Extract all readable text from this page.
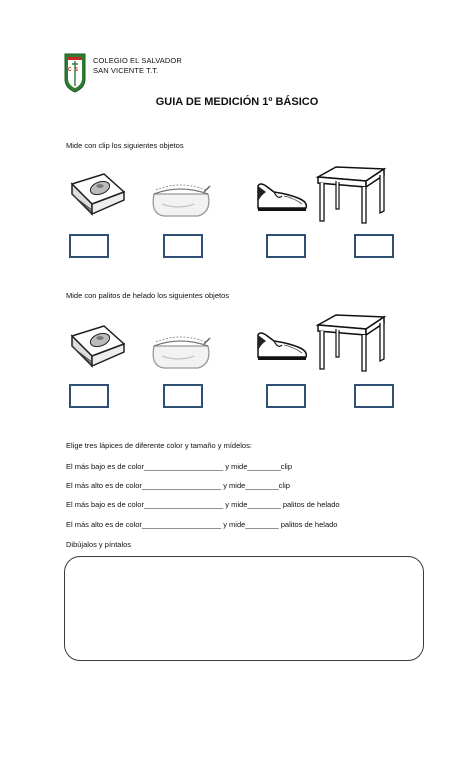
CS
COLEGIO EL SALVADOR
SAN VICENTE T.T.
GUIA DE MEDICIÓN 1º BÁSICO
Mide con clip los siguientes objetos
Mide con palitos de helado los siguientes objetos
Elige tres lápices de diferente color y tamaño y mídelos:
El más bajo es de color___________________ y mide________clip
El más alto es de color___________________ y mide________clip
El más bajo es de color___________________ y mide________ palitos de helado
El más alto es de color___________________ y mide________ palitos de helado
Dibújalos y píntalos
